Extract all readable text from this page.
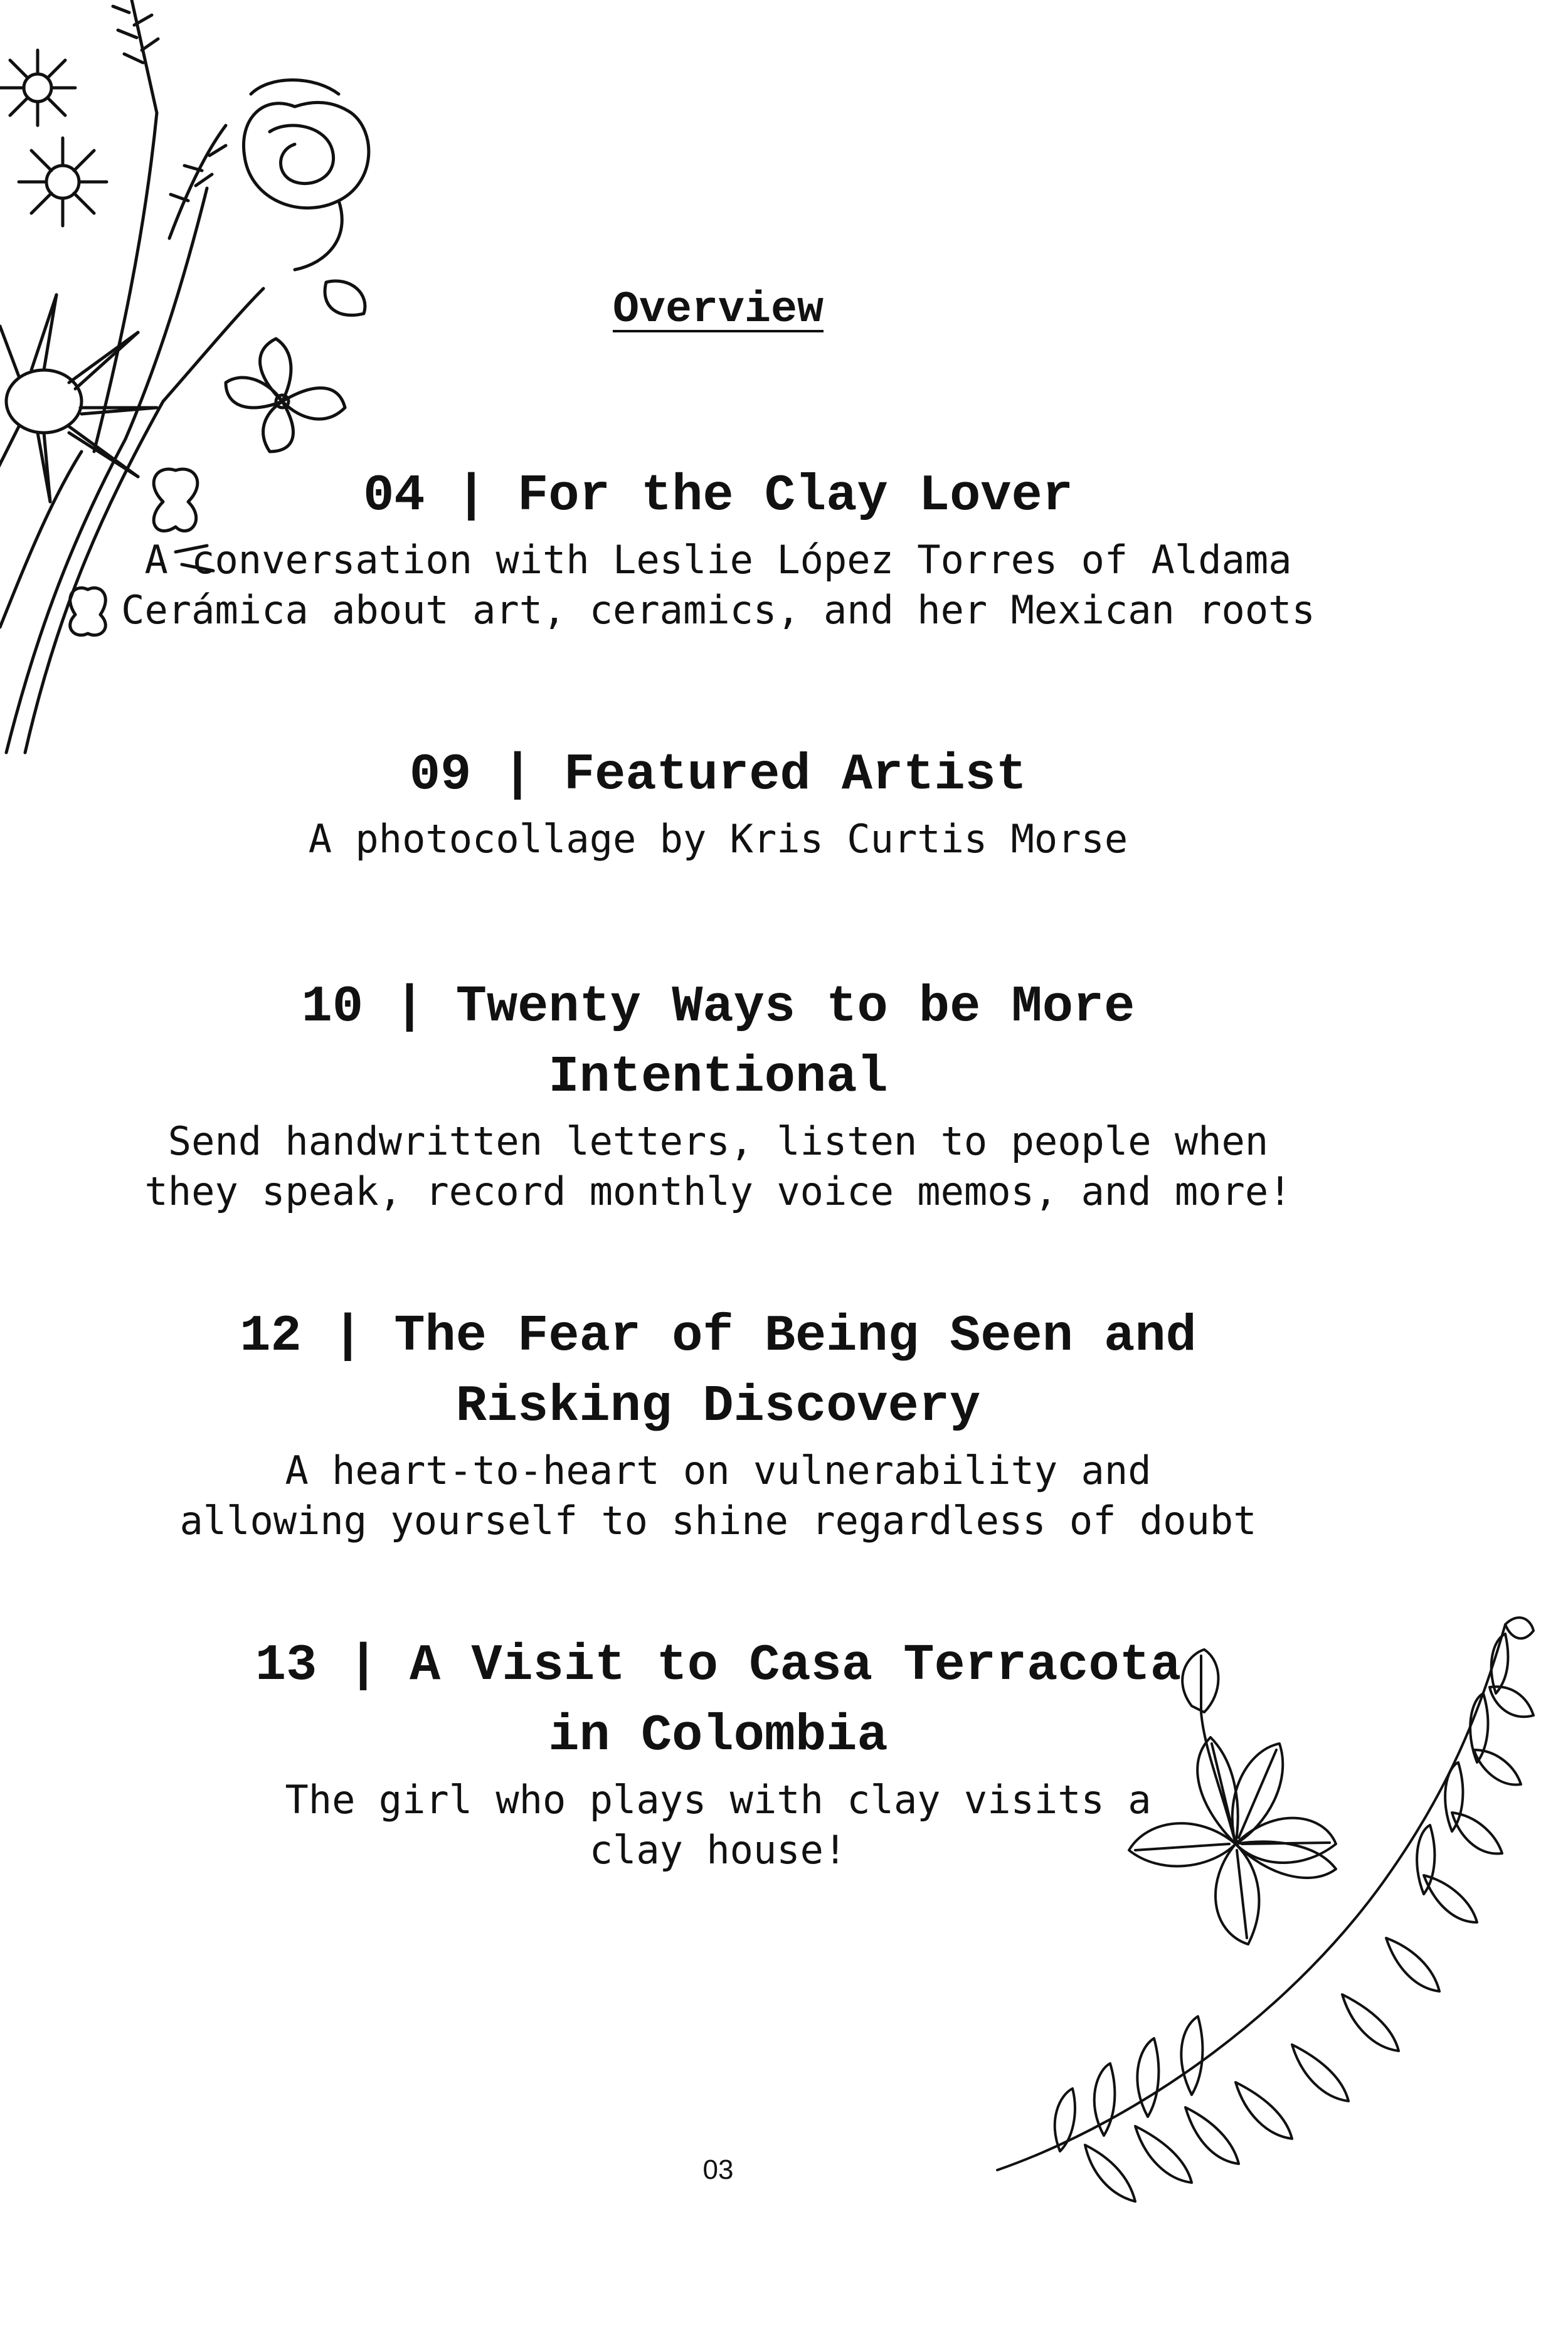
Overview
04 | For the Clay Lover
A conversation with Leslie López Torres of Aldama
Cerámica about art, ceramics, and her Mexican roots
09 | Featured Artist
A photocollage by Kris Curtis Morse
10 | Twenty Ways to be More
Intentional
Send handwritten letters, listen to people when
they speak, record monthly voice memos, and more!
12 | The Fear of Being Seen and
Risking Discovery
A heart-to-heart on vulnerability and
allowing yourself to shine regardless of doubt
13 | A Visit to Casa Terracota
in Colombia
The girl who plays with clay visits a
clay house!
03
